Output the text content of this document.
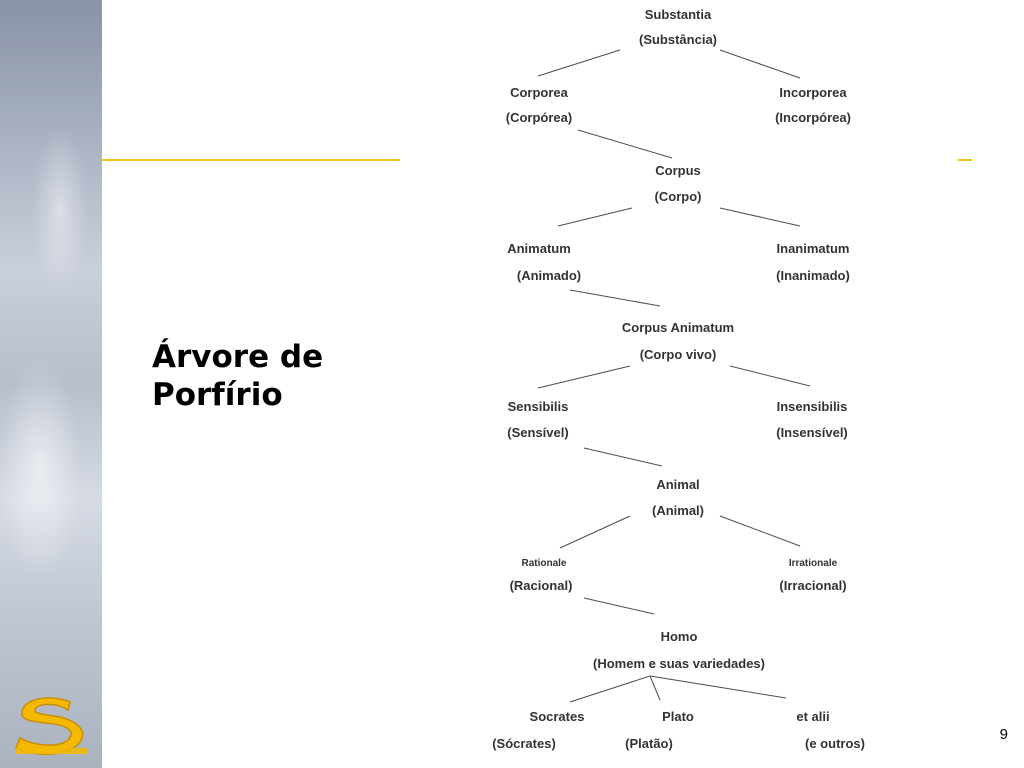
Árvore de
Porfírio
Substantia
(Substância)
Corporea
(Corpórea)
Incorporea
(Incorpórea)
Corpus
(Corpo)
Animatum
(Animado)
Inanimatum
(Inanimado)
Corpus Animatum
(Corpo vivo)
Sensibilis
(Sensível)
Insensibilis
(Insensível)
Animal
(Animal)
Rationale
(Racional)
Irrationale
(Irracional)
Homo
(Homem e suas variedades)
Socrates
(Sócrates)
Plato
(Platão)
et alii
(e outros)
9
